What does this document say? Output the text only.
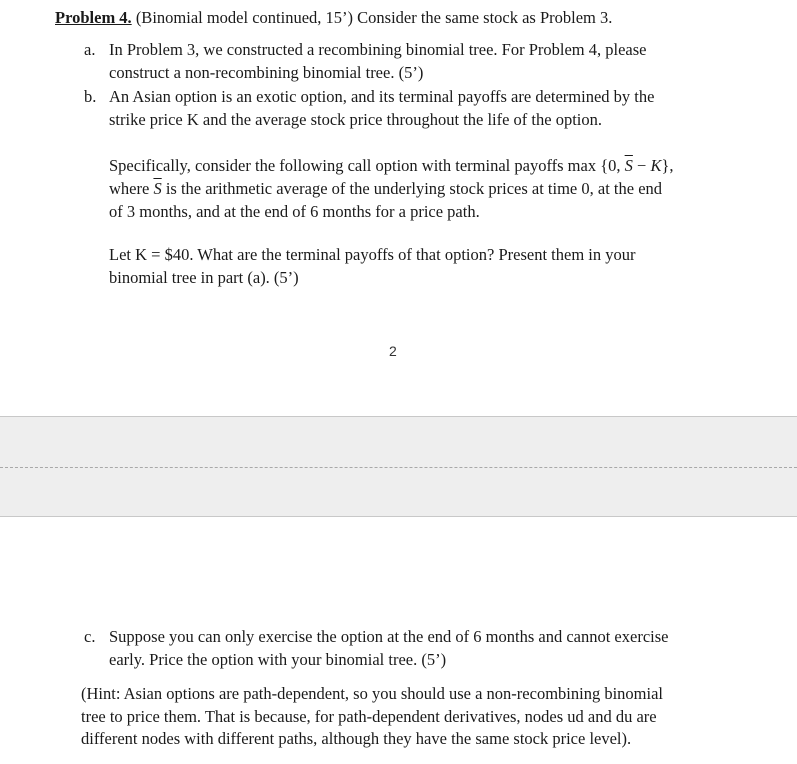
Problem 4. (Binomial model continued, 15’) Consider the same stock as Problem 3.
a. In Problem 3, we constructed a recombining binomial tree. For Problem 4, please
construct a non-recombining binomial tree. (5’)
b. An Asian option is an exotic option, and its terminal payoffs are determined by the
strike price K and the average stock price throughout the life of the option.
Specifically, consider the following call option with terminal payoffs max {0, $\overline{S} - K$},
where $\overline{S}$ is the arithmetic average of the underlying stock prices at time 0, at the end
of 3 months, and at the end of 6 months for a price path.
Let K = $40. What are the terminal payoffs of that option? Present them in your
binomial tree in part (a). (5’)
2
c. Suppose you can only exercise the option at the end of 6 months and cannot exercise
early. Price the option with your binomial tree. (5’)
(Hint: Asian options are path-dependent, so you should use a non-recombining binomial
tree to price them. That is because, for path-dependent derivatives, nodes ud and du are
different nodes with different paths, although they have the same stock price level).
